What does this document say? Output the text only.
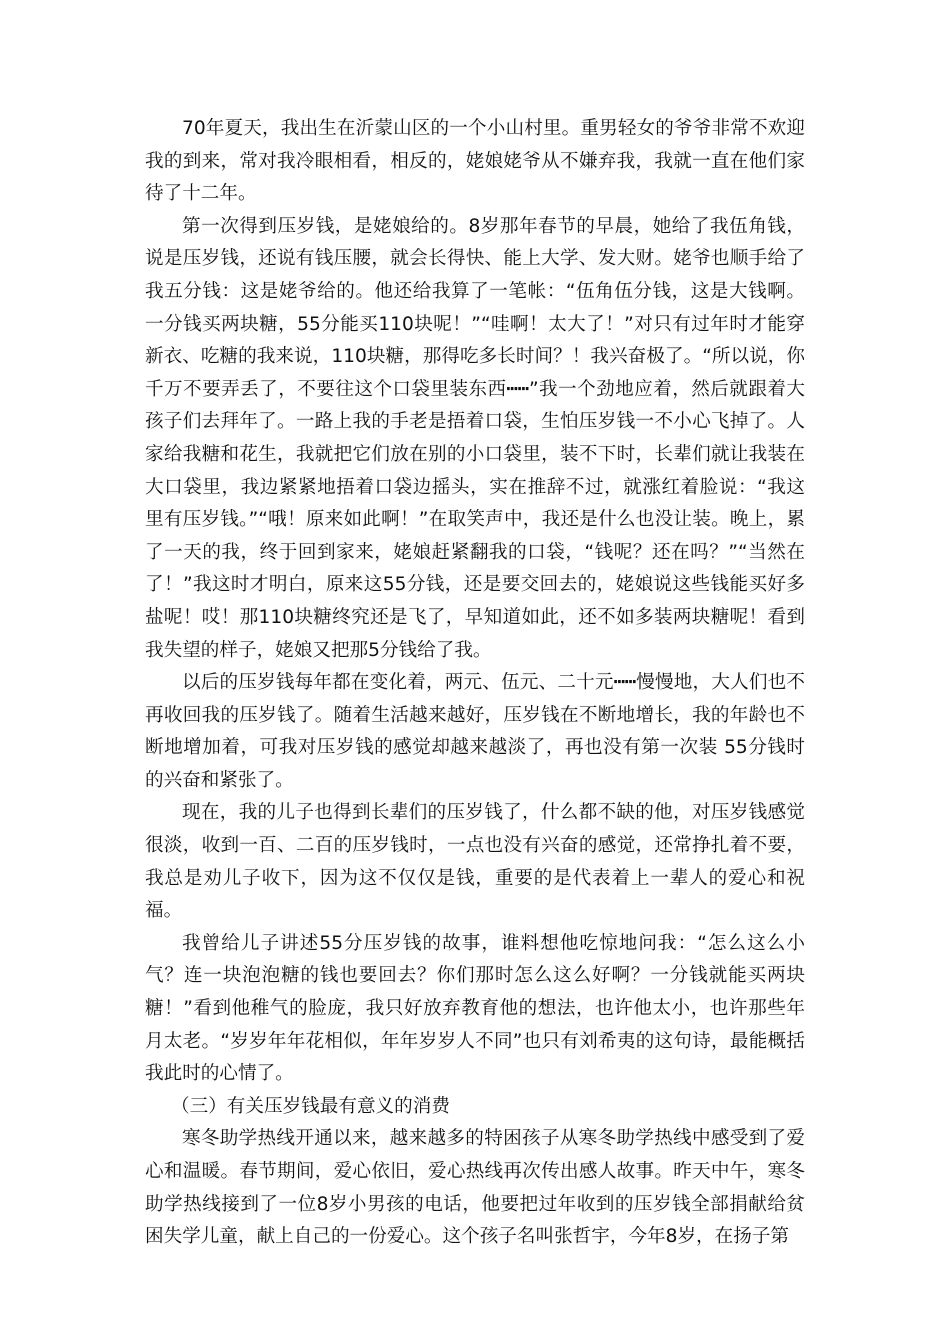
70年夏天，我出生在沂蒙山区的一个小山村里。重男轻女的爷爷非常不欢迎我的到来，常对我冷眼相看，相反的，姥娘姥爷从不嫌弃我，我就一直在他们家待了十二年。

第一次得到压岁钱，是姥娘给的。8岁那年春节的早晨，她给了我伍角钱，说是压岁钱，还说有钱压腰，就会长得快、能上大学、发大财。姥爷也顺手给了我五分钱：这是姥爷给的。他还给我算了一笔帐：“伍角伍分钱，这是大钱啊。一分钱买两块糖，55分能买110块呢！”“哇啊！太大了！”对只有过年时才能穿新衣、吃糖的我来说，110块糖，那得吃多长时间？！我兴奋极了。“所以说，你千万不要弄丢了，不要往这个口袋里装东西┅┅”我一个劲地应着，然后就跟着大孩子们去拜年了。一路上我的手老是捂着口袋，生怕压岁钱一不小心飞掉了。人家给我糖和花生，我就把它们放在别的小口袋里，装不下时，长辈们就让我装在大口袋里，我边紧紧地捂着口袋边摇头，实在推辞不过，就涨红着脸说：“我这里有压岁钱。”“哦！原来如此啊！”在取笑声中，我还是什么也没让装。晚上，累了一天的我，终于回到家来，姥娘赶紧翻我的口袋，“钱呢？还在吗？”“当然在了！”我这时才明白，原来这55分钱，还是要交回去的，姥娘说这些钱能买好多盐呢！哎！那110块糖终究还是飞了，早知道如此，还不如多装两块糖呢！看到我失望的样子，姥娘又把那5分钱给了我。

以后的压岁钱每年都在变化着，两元、伍元、二十元┅┅慢慢地，大人们也不再收回我的压岁钱了。随着生活越来越好，压岁钱在不断地增长，我的年龄也不断地增加着，可我对压岁钱的感觉却越来越淡了，再也没有第一次装 55分钱时的兴奋和紧张了。

现在，我的儿子也得到长辈们的压岁钱了，什么都不缺的他，对压岁钱感觉很淡，收到一百、二百的压岁钱时，一点也没有兴奋的感觉，还常挣扎着不要，我总是劝儿子收下，因为这不仅仅是钱，重要的是代表着上一辈人的爱心和祝福。

我曾给儿子讲述55分压岁钱的故事，谁料想他吃惊地问我：“怎么这么小气？连一块泡泡糖的钱也要回去？你们那时怎么这么好啊？一分钱就能买两块糖！”看到他稚气的脸庞，我只好放弃教育他的想法，也许他太小，也许那些年月太老。“岁岁年年花相似，年年岁岁人不同”也只有刘希夷的这句诗，最能概括我此时的心情了。

（三）有关压岁钱最有意义的消费

寒冬助学热线开通以来，越来越多的特困孩子从寒冬助学热线中感受到了爱心和温暖。春节期间，爱心依旧，爱心热线再次传出感人故事。昨天中午，寒冬助学热线接到了一位8岁小男孩的电话，他要把过年收到的压岁钱全部捐献给贫困失学儿童，献上自己的一份爱心。这个孩子名叫张哲宇，今年8岁，在扬子第
